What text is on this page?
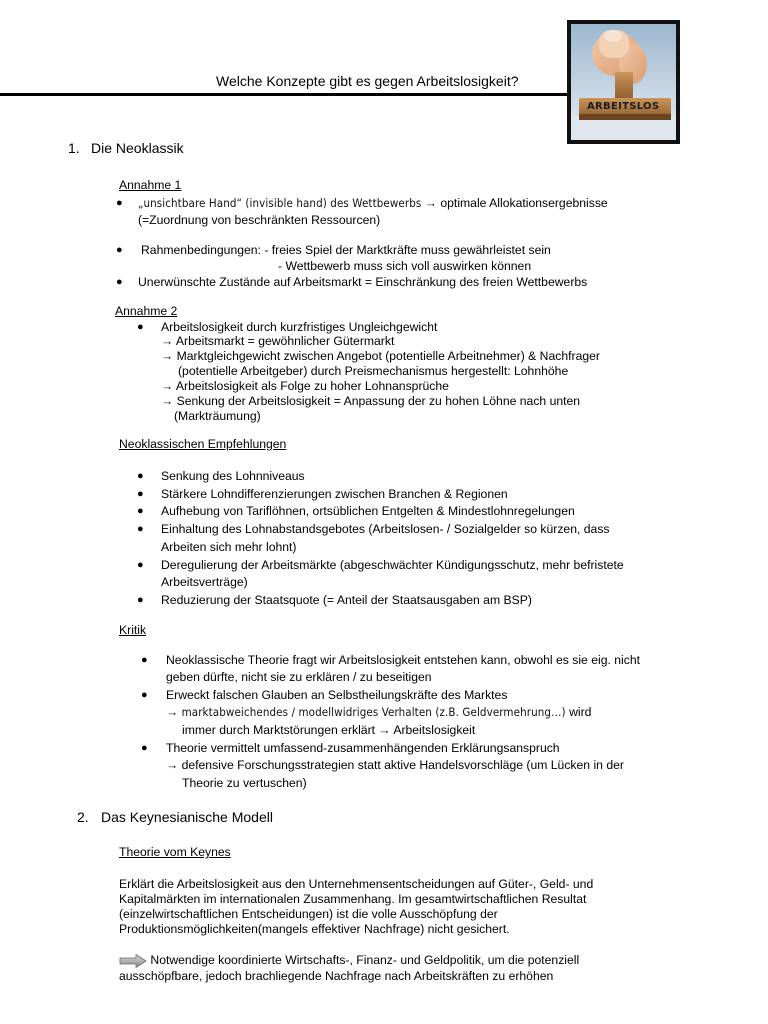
Welche Konzepte gibt es gegen Arbeitslosigkeit?
ARBEITSLOS
1. Die Neoklassik
Annahme 1
● „unsichtbare Hand“ (invisible hand) des Wettbewerbs → optimale Allokationsergebnisse
(=Zuordnung von beschränkten Ressourcen)
● Rahmenbedingungen: - freies Spiel der Marktkräfte muss gewährleistet sein
- Wettbewerb muss sich voll auswirken können
● Unerwünschte Zustände auf Arbeitsmarkt = Einschränkung des freien Wettbewerbs
Annahme 2
● Arbeitslosigkeit durch kurzfristiges Ungleichgewicht
→ Arbeitsmarkt = gewöhnlicher Gütermarkt
→ Marktgleichgewicht zwischen Angebot (potentielle Arbeitnehmer) & Nachfrager
(potentielle Arbeitgeber) durch Preismechanismus hergestellt: Lohnhöhe
→ Arbeitslosigkeit als Folge zu hoher Lohnansprüche
→ Senkung der Arbeitslosigkeit = Anpassung der zu hohen Löhne nach unten
(Markträumung)
Neoklassischen Empfehlungen
● Senkung des Lohnniveaus
● Stärkere Lohndifferenzierungen zwischen Branchen & Regionen
● Aufhebung von Tariflöhnen, ortsüblichen Entgelten & Mindestlohnregelungen
● Einhaltung des Lohnabstandsgebotes (Arbeitslosen- / Sozialgelder so kürzen, dass
Arbeiten sich mehr lohnt)
● Deregulierung der Arbeitsmärkte (abgeschwächter Kündigungsschutz, mehr befristete
Arbeitsverträge)
● Reduzierung der Staatsquote (= Anteil der Staatsausgaben am BSP)
Kritik
● Neoklassische Theorie fragt wir Arbeitslosigkeit entstehen kann, obwohl es sie eig. nicht
geben dürfte, nicht sie zu erklären / zu beseitigen
● Erweckt falschen Glauben an Selbstheilungskräfte des Marktes
→ marktabweichendes / modellwidriges Verhalten (z.B. Geldvermehrung…) wird
immer durch Marktstörungen erklärt → Arbeitslosigkeit
● Theorie vermittelt umfassend-zusammenhängenden Erklärungsanspruch
→ defensive Forschungsstrategien statt aktive Handelsvorschläge (um Lücken in der
Theorie zu vertuschen)
2. Das Keynesianische Modell
Theorie vom Keynes
Erklärt die Arbeitslosigkeit aus den Unternehmensentscheidungen auf Güter-, Geld- und
Kapitalmärkten im internationalen Zusammenhang. Im gesamtwirtschaftlichen Resultat
(einzelwirtschaftlichen Entscheidungen) ist die volle Ausschöpfung der
Produktionsmöglichkeiten(mangels effektiver Nachfrage) nicht gesichert.
Notwendige koordinierte Wirtschafts-, Finanz- und Geldpolitik, um die potenziell
ausschöpfbare, jedoch brachliegende Nachfrage nach Arbeitskräften zu erhöhen
